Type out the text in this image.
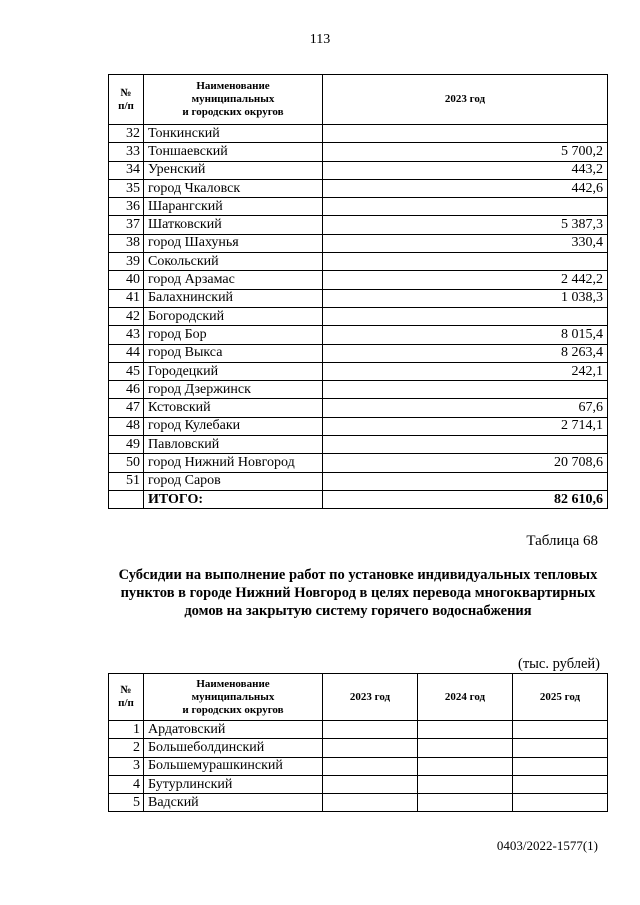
113
№
п/п	Наименование
муниципальных
и городских округов	2023 год
32	Тонкинский	
33	Тоншаевский	5 700,2
34	Уренский	443,2
35	город Чкаловск	442,6
36	Шарангский	
37	Шатковский	5 387,3
38	город Шахунья	330,4
39	Сокольский	
40	город Арзамас	2 442,2
41	Балахнинский	1 038,3
42	Богородский	
43	город Бор	8 015,4
44	город Выкса	8 263,4
45	Городецкий	242,1
46	город Дзержинск	
47	Кстовский	67,6
48	город Кулебаки	2 714,1
49	Павловский	
50	город Нижний Новгород	20 708,6
51	город Саров	
	ИТОГО:	82 610,6
Таблица 68
Субсидии на выполнение работ по установке индивидуальных тепловых пунктов в городе Нижний Новгород в целях перевода многоквартирных домов на закрытую систему горячего водоснабжения
(тыс. рублей)
№
п/п	Наименование
муниципальных
и городских округов	2023 год	2024 год	2025 год
1	Ардатовский			
2	Большеболдинский			
3	Большемурашкинский			
4	Бутурлинский			
5	Вадский			
0403/2022-1577(1)
